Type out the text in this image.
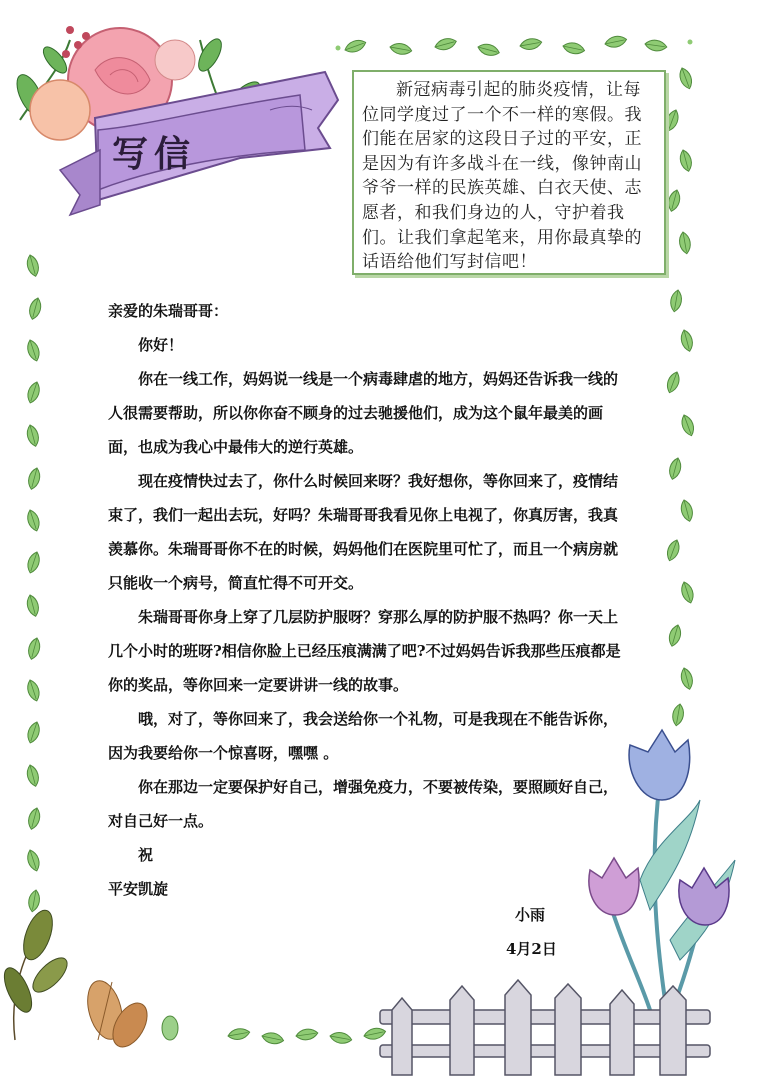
写信

新冠病毒引起的肺炎疫情，让每位同学度过了一个不一样的寒假。我们能在居家的这段日子过的平安，正是因为有许多战斗在一线，像钟南山爷爷一样的民族英雄、白衣天使、志愿者，和我们身边的人，守护着我们。让我们拿起笔来，用你最真挚的话语给他们写封信吧！

亲爱的朱瑞哥哥：

你好！

你在一线工作，妈妈说一线是一个病毒肆虐的地方，妈妈还告诉我一线的人很需要帮助，所以你你奋不顾身的过去驰援他们，成为这个鼠年最美的画面，也成为我心中最伟大的逆行英雄。

现在疫情快过去了，你什么时候回来呀？我好想你，等你回来了，疫情结束了，我们一起出去玩，好吗？朱瑞哥哥我看见你上电视了，你真厉害，我真羡慕你。朱瑞哥哥你不在的时候，妈妈他们在医院里可忙了，而且一个病房就只能收一个病号，简直忙得不可开交。

朱瑞哥哥你身上穿了几层防护服呀？穿那么厚的防护服不热吗？你一天上几个小时的班呀?相信你脸上已经压痕满满了吧?不过妈妈告诉我那些压痕都是你的奖品，等你回来一定要讲讲一线的故事。

哦，对了，等你回来了，我会送给你一个礼物，可是我现在不能告诉你，因为我要给你一个惊喜呀，嘿嘿 。

你在那边一定要保护好自己，增强免疫力，不要被传染，要照顾好自己，对自己好一点。

祝

平安凯旋

小雨
4月2日
